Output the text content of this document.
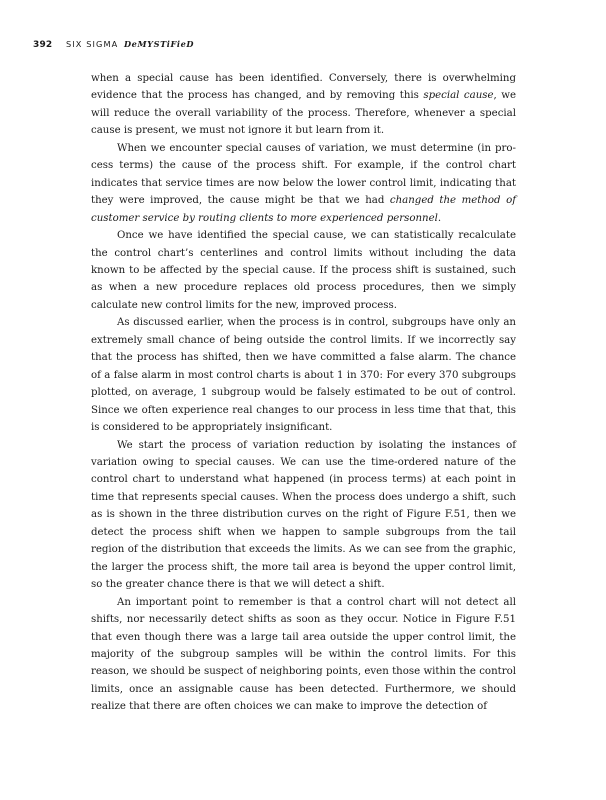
392 SIX SIGMA DeMYSTiFieD

when a special cause has been identified. Conversely, there is overwhelming evidence that the process has changed, and by removing this special cause, we will reduce the overall variability of the process. Therefore, whenever a special cause is present, we must not ignore it but learn from it.

When we encounter special causes of variation, we must determine (in process terms) the cause of the process shift. For example, if the control chart indicates that service times are now below the lower control limit, indicating that they were improved, the cause might be that we had changed the method of customer service by routing clients to more experienced personnel.

Once we have identified the special cause, we can statistically recalculate the control chart’s centerlines and control limits without including the data known to be affected by the special cause. If the process shift is sustained, such as when a new procedure replaces old process procedures, then we simply calculate new control limits for the new, improved process.

As discussed earlier, when the process is in control, subgroups have only an extremely small chance of being outside the control limits. If we incorrectly say that the process has shifted, then we have committed a false alarm. The chance of a false alarm in most control charts is about 1 in 370: For every 370 subgroups plotted, on average, 1 subgroup would be falsely estimated to be out of control. Since we often experience real changes to our process in less time that that, this is considered to be appropriately insignificant.

We start the process of variation reduction by isolating the instances of variation owing to special causes. We can use the time-ordered nature of the control chart to understand what happened (in process terms) at each point in time that represents special causes. When the process does undergo a shift, such as is shown in the three distribution curves on the right of Figure F.51, then we detect the process shift when we happen to sample subgroups from the tail region of the distribution that exceeds the limits. As we can see from the graphic, the larger the process shift, the more tail area is beyond the upper control limit, so the greater chance there is that we will detect a shift.

An important point to remember is that a control chart will not detect all shifts, nor necessarily detect shifts as soon as they occur. Notice in Figure F.51 that even though there was a large tail area outside the upper control limit, the majority of the subgroup samples will be within the control limits. For this reason, we should be suspect of neighboring points, even those within the control limits, once an assignable cause has been detected. Furthermore, we should realize that there are often choices we can make to improve the detection of
